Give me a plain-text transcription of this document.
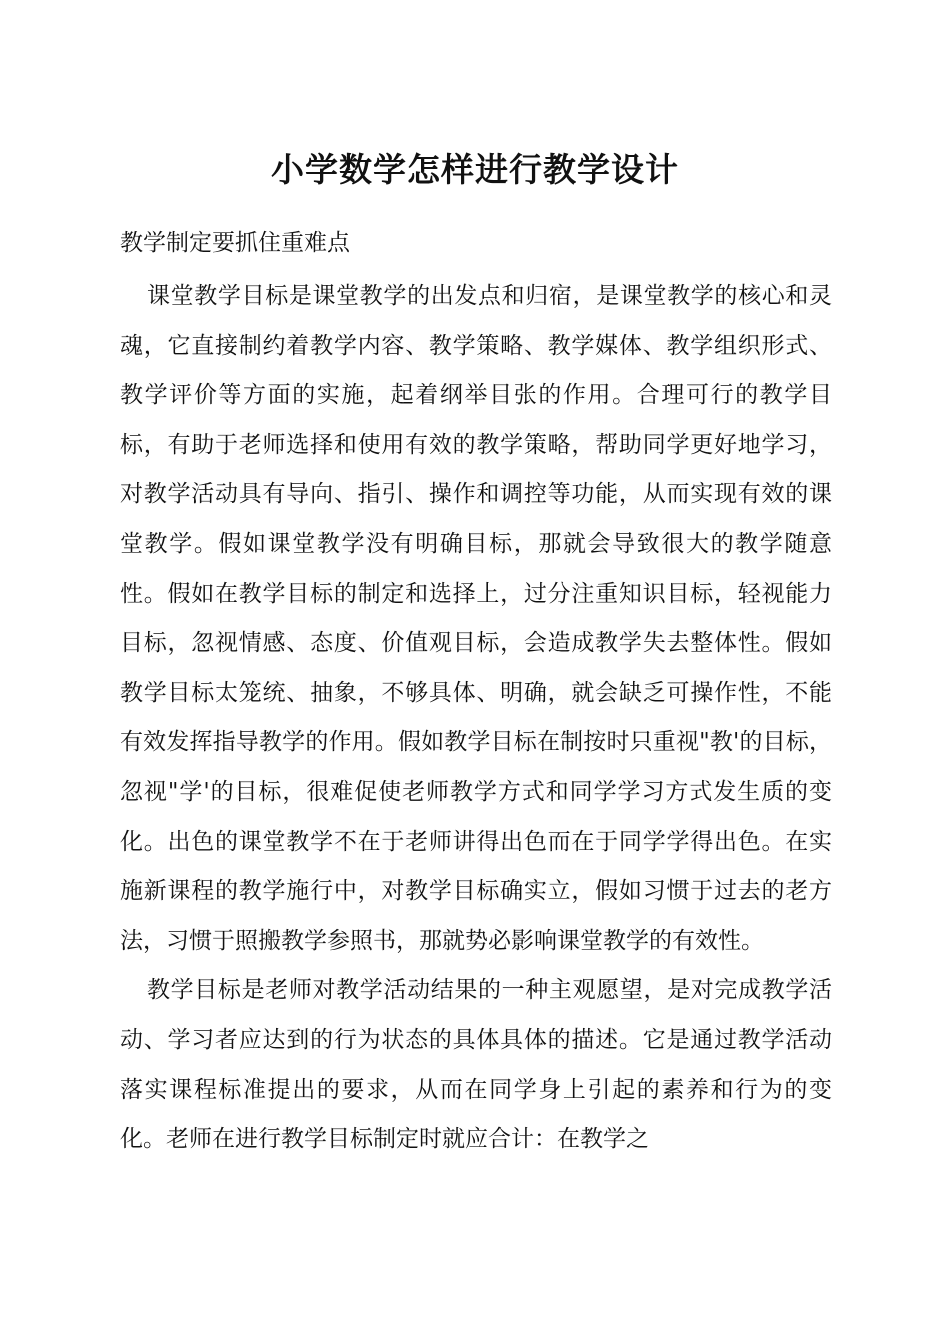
小学数学怎样进行教学设计

教学制定要抓住重难点

课堂教学目标是课堂教学的出发点和归宿，是课堂教学的核心和灵魂，它直接制约着教学内容、教学策略、教学媒体、教学组织形式、教学评价等方面的实施，起着纲举目张的作用。合理可行的教学目标，有助于老师选择和使用有效的教学策略，帮助同学更好地学习，对教学活动具有导向、指引、操作和调控等功能，从而实现有效的课堂教学。假如课堂教学没有明确目标，那就会导致很大的教学随意性。假如在教学目标的制定和选择上，过分注重知识目标，轻视能力目标，忽视情感、态度、价值观目标，会造成教学失去整体性。假如教学目标太笼统、抽象，不够具体、明确，就会缺乏可操作性，不能有效发挥指导教学的作用。假如教学目标在制按时只重视"教'的目标，忽视"学'的目标，很难促使老师教学方式和同学学习方式发生质的变化。出色的课堂教学不在于老师讲得出色而在于同学学得出色。在实施新课程的教学施行中，对教学目标确实立，假如习惯于过去的老方法，习惯于照搬教学参照书，那就势必影响课堂教学的有效性。

教学目标是老师对教学活动结果的一种主观愿望，是对完成教学活动、学习者应达到的行为状态的具体具体的描述。它是通过教学活动落实课程标准提出的要求，从而在同学身上引起的素养和行为的变化。老师在进行教学目标制定时就应合计：在教学之
